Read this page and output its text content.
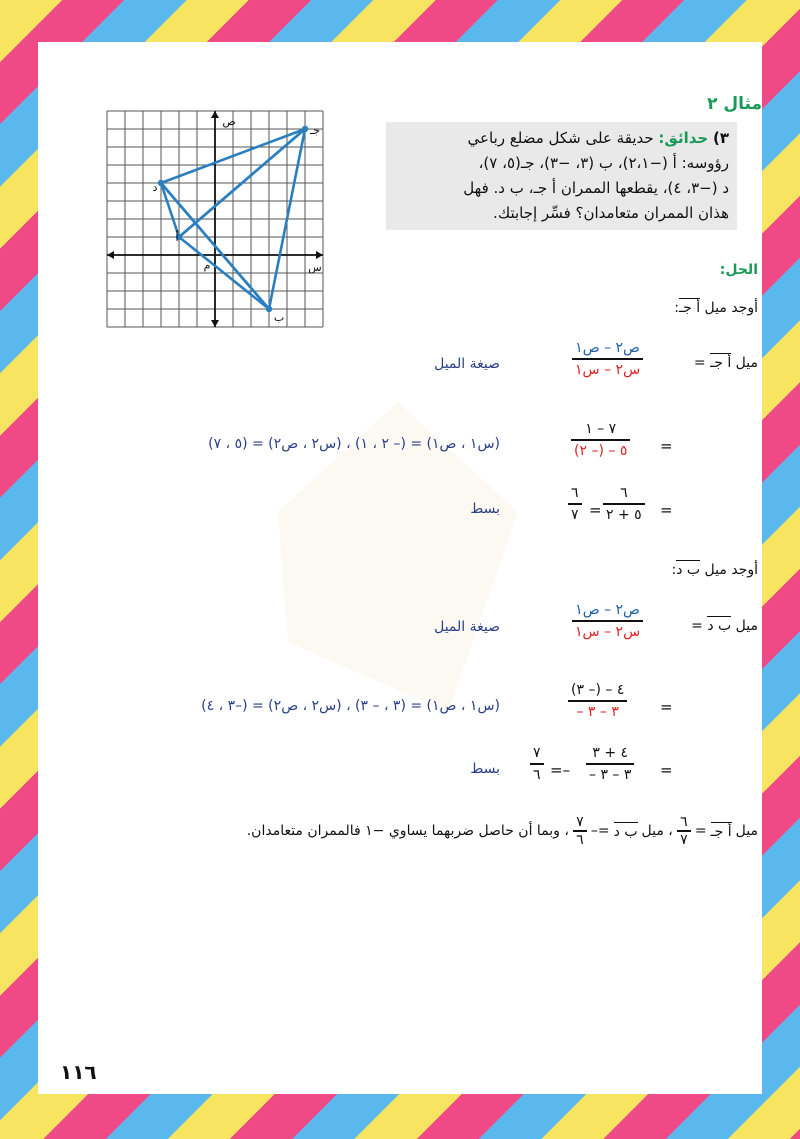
مثال ٢
٣) حدائق: حديقة على شكل مضلع رباعي
رؤوسه: أ (−٢،١)، ب (٣، −٣)، جـ(٥، ٧)،
د (−٣، ٤)، يقطعها الممران أ جـ، ب د. فهل
هذان الممران متعامدان؟ فسِّر إجابتك.
جـ
د
أ
ب
ص
س
م	الحل:
أوجد ميل أ جـ:
ميل أ جـ =
ص٢ – ص١
س٢ – س١
صيغة الميل
=
٧ – ١
٥ – (– ٢)
(س١ ، ص١) = (– ٢ ، ١) ، (س٢ ، ص٢) = (٥ ، ٧)
=
٦
٥ + ٢
=
٦
٧
بسط
أوجد ميل ب د:
ميل ب د =
ص٢ – ص١
س٢ – س١
صيغة الميل
=
٤ – (– ٣)
– ٣ – ٣
(س١ ، ص١) = (٣ ، – ٣) ، (س٢ ، ص٢) = (–٣ ، ٤)
=
٤ + ٣
– ٣ – ٣
=–
٧
٦
بسط
ميل
أ جـ
=
٦
٧
، ميل
ب د
=–
٧
٦
، وبما أن حاصل ضربهما يساوي −١ فالممران متعامدان.
١١٦
